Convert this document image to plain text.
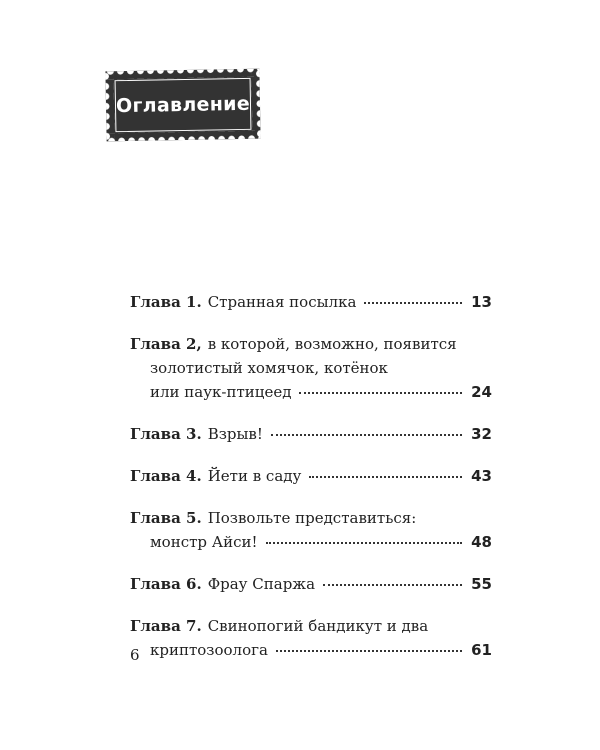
Оглавление
Глава 1. Странная посылка	13
Глава 2, в которой, возможно, появится
золотистый хомячок, котёнок
или паук-птицеед	24
Глава 3. Взрыв!	32
Глава 4. Йети в саду	43
Глава 5. Позвольте представиться:
монстр Айси!	48
Глава 6. Фрау Спаржа	55
Глава 7. Свинопогий бандикут и два
криптозоолога	61
6
